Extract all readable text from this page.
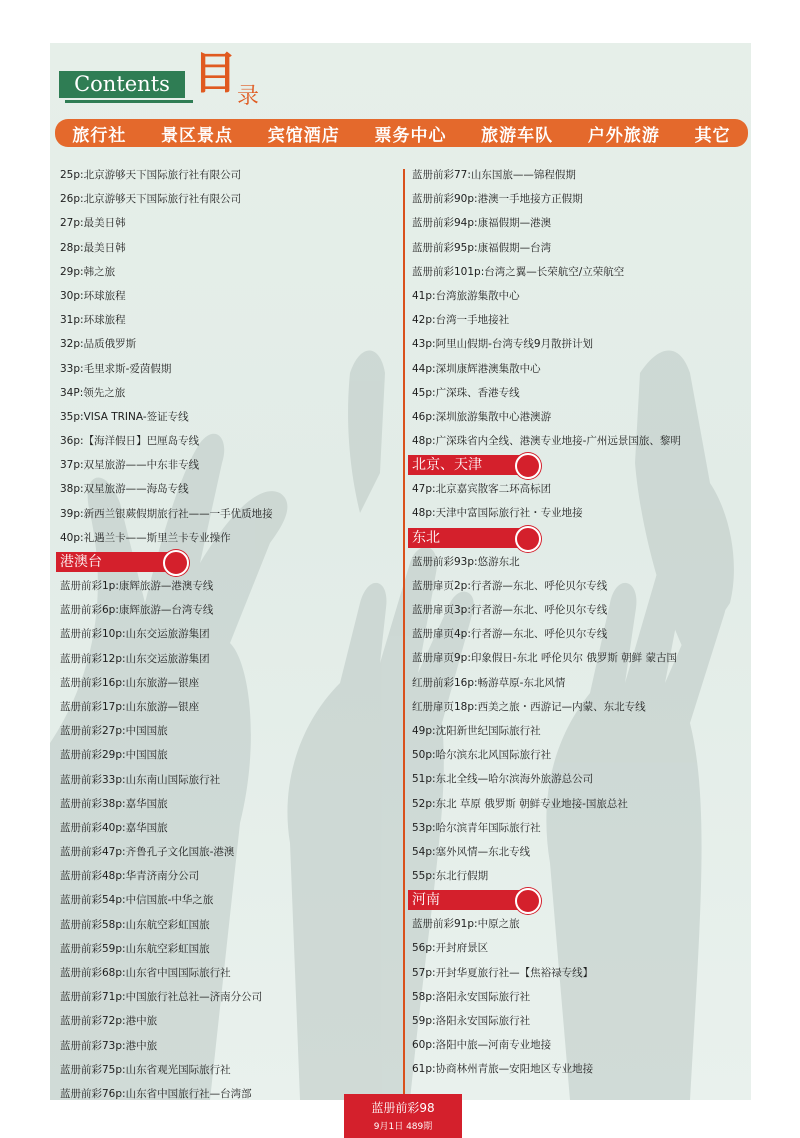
Contents 目 录
旅行社 景区景点 宾馆酒店 票务中心 旅游车队 户外旅游 其它
25p:北京游够天下国际旅行社有限公司
26p:北京游够天下国际旅行社有限公司
27p:最美日韩
28p:最美日韩
29p:韩之旅
30p:环球旅程
31p:环球旅程
32p:品质俄罗斯
33p:毛里求斯-爱茵假期
34P:领先之旅
35p:VISA TRINA-签证专线
36p:【海洋假日】巴厘岛专线
37p:双星旅游——中东非专线
38p:双星旅游——海岛专线
39p:新西兰银蕨假期旅行社——一手优质地接
40p:礼遇兰卡——斯里兰卡专业操作
港澳台
蓝册前彩1p:康辉旅游—港澳专线
蓝册前彩6p:康辉旅游—台湾专线
蓝册前彩10p:山东交运旅游集团
蓝册前彩12p:山东交运旅游集团
蓝册前彩16p:山东旅游—银座
蓝册前彩17p:山东旅游—银座
蓝册前彩27p:中国国旅
蓝册前彩29p:中国国旅
蓝册前彩33p:山东南山国际旅行社
蓝册前彩38p:嘉华国旅
蓝册前彩40p:嘉华国旅
蓝册前彩47p:齐鲁孔子文化国旅-港澳
蓝册前彩48p:华青济南分公司
蓝册前彩54p:中信国旅-中华之旅
蓝册前彩58p:山东航空彩虹国旅
蓝册前彩59p:山东航空彩虹国旅
蓝册前彩68p:山东省中国国际旅行社
蓝册前彩71p:中国旅行社总社—济南分公司
蓝册前彩72p:港中旅
蓝册前彩73p:港中旅
蓝册前彩75p:山东省观光国际旅行社
蓝册前彩76p:山东省中国旅行社—台湾部
蓝册前彩77:山东国旅——锦程假期
蓝册前彩90p:港澳一手地接方正假期
蓝册前彩94p:康福假期—港澳
蓝册前彩95p:康福假期—台湾
蓝册前彩101p:台湾之翼—长荣航空/立荣航空
41p:台湾旅游集散中心
42p:台湾一手地接社
43p:阿里山假期-台湾专线9月散拼计划
44p:深圳康辉港澳集散中心
45p:广深珠、香港专线
46p:深圳旅游集散中心港澳游
48p:广深珠省内全线、港澳专业地接-广州远景国旅、黎明
北京、天津
47p:北京嘉宾散客二环高标团
48p:天津中富国际旅行社・专业地接
东北
蓝册前彩93p:悠游东北
蓝册扉页2p:行者游—东北、呼伦贝尔专线
蓝册扉页3p:行者游—东北、呼伦贝尔专线
蓝册扉页4p:行者游—东北、呼伦贝尔专线
蓝册扉页9p:印象假日-东北 呼伦贝尔 俄罗斯 朝鲜 蒙古国
红册前彩16p:畅游草原-东北风情
红册扉页18p:西美之旅・西游记—内蒙、东北专线
49p:沈阳新世纪国际旅行社
50p:哈尔滨东北风国际旅行社
51p:东北全线—哈尔滨海外旅游总公司
52p:东北 草原 俄罗斯 朝鲜专业地接-国旅总社
53p:哈尔滨青年国际旅行社
54p:塞外风情—东北专线
55p:东北行假期
河南
蓝册前彩91p:中原之旅
56p:开封府景区
57p:开封华夏旅行社—【焦裕禄专线】
58p:洛阳永安国际旅行社
59p:洛阳永安国际旅行社
60p:洛阳中旅—河南专业地接
61p:协商林州青旅—安阳地区专业地接
蓝册前彩98
9月1日 489期
